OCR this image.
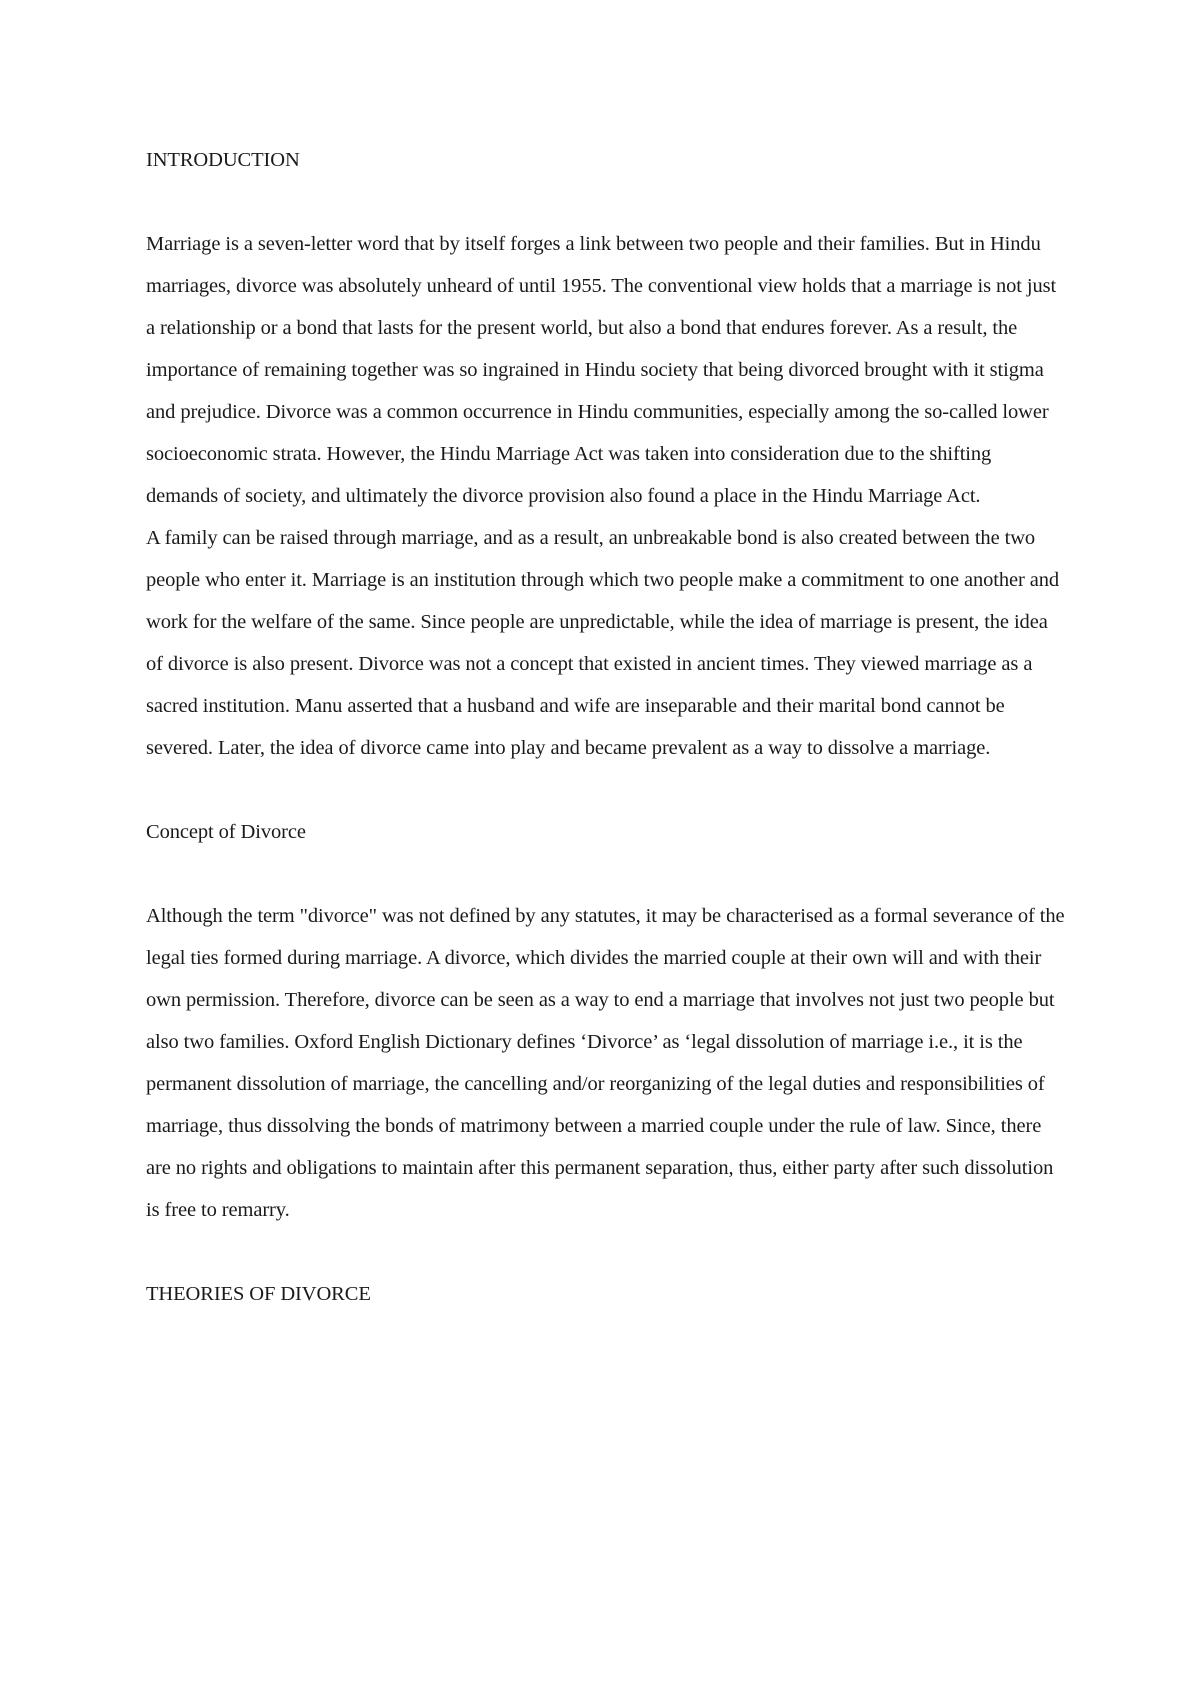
INTRODUCTION

Marriage is a seven-letter word that by itself forges a link between two people and their families. But in Hindu marriages, divorce was absolutely unheard of until 1955. The conventional view holds that a marriage is not just a relationship or a bond that lasts for the present world, but also a bond that endures forever. As a result, the importance of remaining together was so ingrained in Hindu society that being divorced brought with it stigma and prejudice. Divorce was a common occurrence in Hindu communities, especially among the so-called lower socioeconomic strata. However, the Hindu Marriage Act was taken into consideration due to the shifting demands of society, and ultimately the divorce provision also found a place in the Hindu Marriage Act.

A family can be raised through marriage, and as a result, an unbreakable bond is also created between the two people who enter it. Marriage is an institution through which two people make a commitment to one another and work for the welfare of the same. Since people are unpredictable, while the idea of marriage is present, the idea of divorce is also present. Divorce was not a concept that existed in ancient times. They viewed marriage as a sacred institution. Manu asserted that a husband and wife are inseparable and their marital bond cannot be severed. Later, the idea of divorce came into play and became prevalent as a way to dissolve a marriage.

Concept of Divorce

Although the term "divorce" was not defined by any statutes, it may be characterised as a formal severance of the legal ties formed during marriage. A divorce, which divides the married couple at their own will and with their own permission. Therefore, divorce can be seen as a way to end a marriage that involves not just two people but also two families. Oxford English Dictionary defines ‘Divorce’ as ‘legal dissolution of marriage i.e., it is the permanent dissolution of marriage, the cancelling and/or reorganizing of the legal duties and responsibilities of marriage, thus dissolving the bonds of matrimony between a married couple under the rule of law. Since, there are no rights and obligations to maintain after this permanent separation, thus, either party after such dissolution is free to remarry.

THEORIES OF DIVORCE
